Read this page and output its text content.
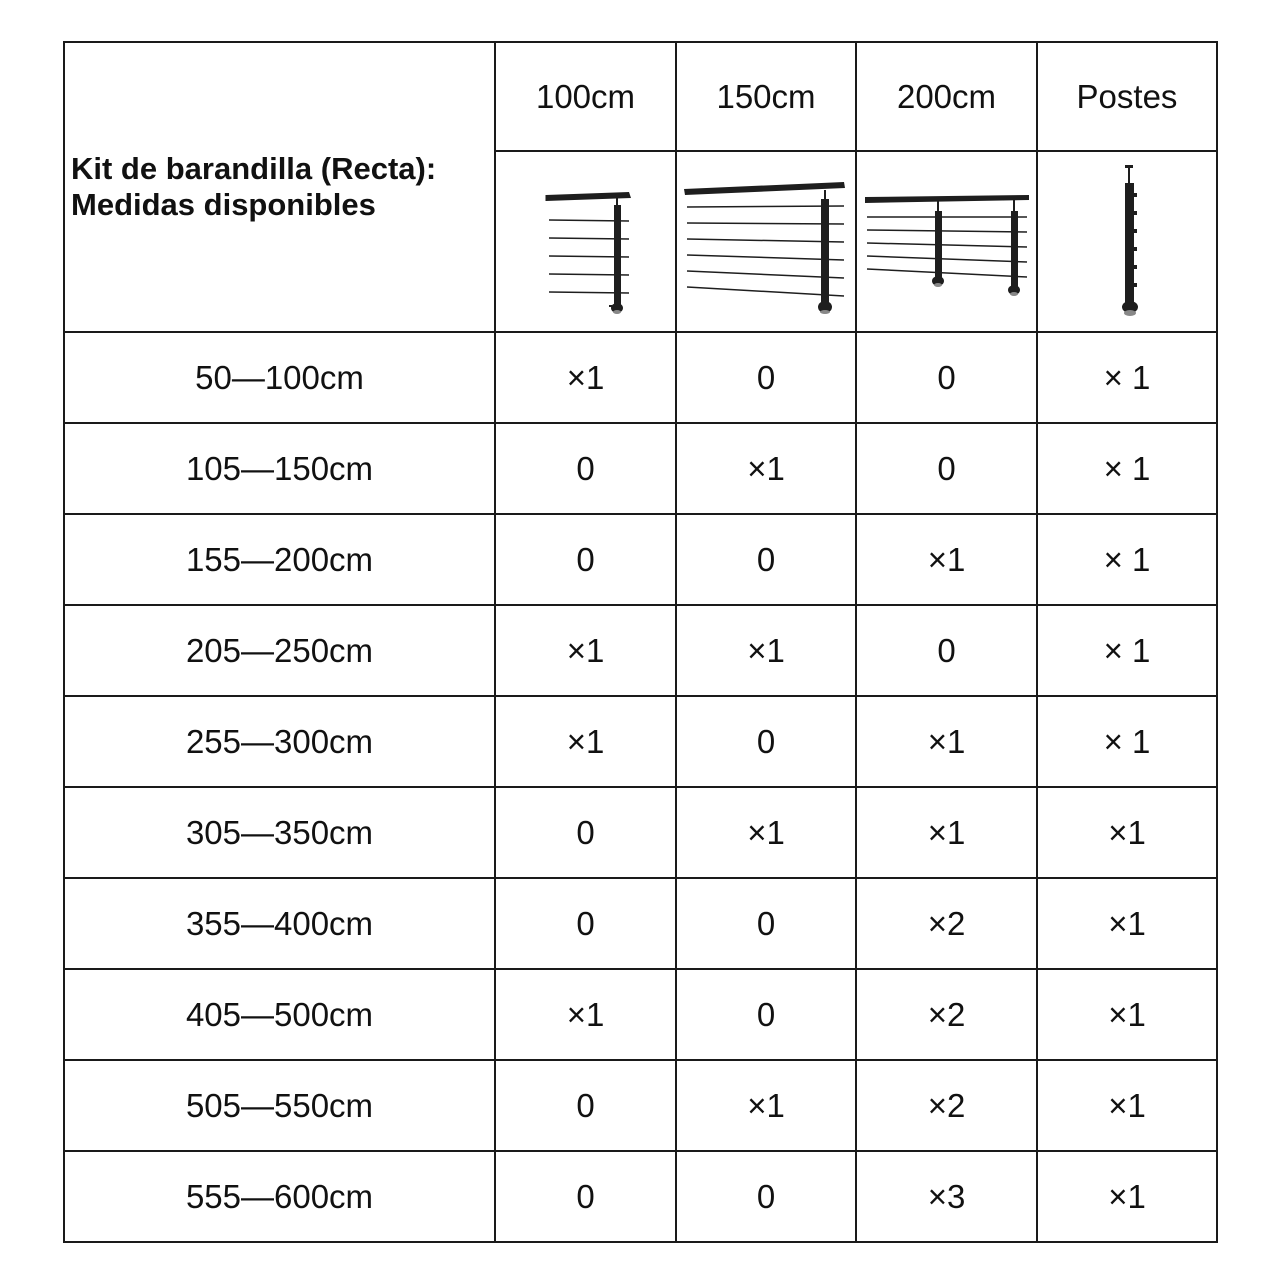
Kit de barandilla (Recta):
Medidas disponibles	100cm	150cm	200cm	Postes

50—100cm	×1	0	0	× 1
105—150cm	0	×1	0	× 1
155—200cm	0	0	×1	× 1
205—250cm	×1	×1	0	× 1
255—300cm	×1	0	×1	× 1
305—350cm	0	×1	×1	×1
355—400cm	0	0	×2	×1
405—500cm	×1	0	×2	×1
505—550cm	0	×1	×2	×1
555—600cm	0	0	×3	×1
